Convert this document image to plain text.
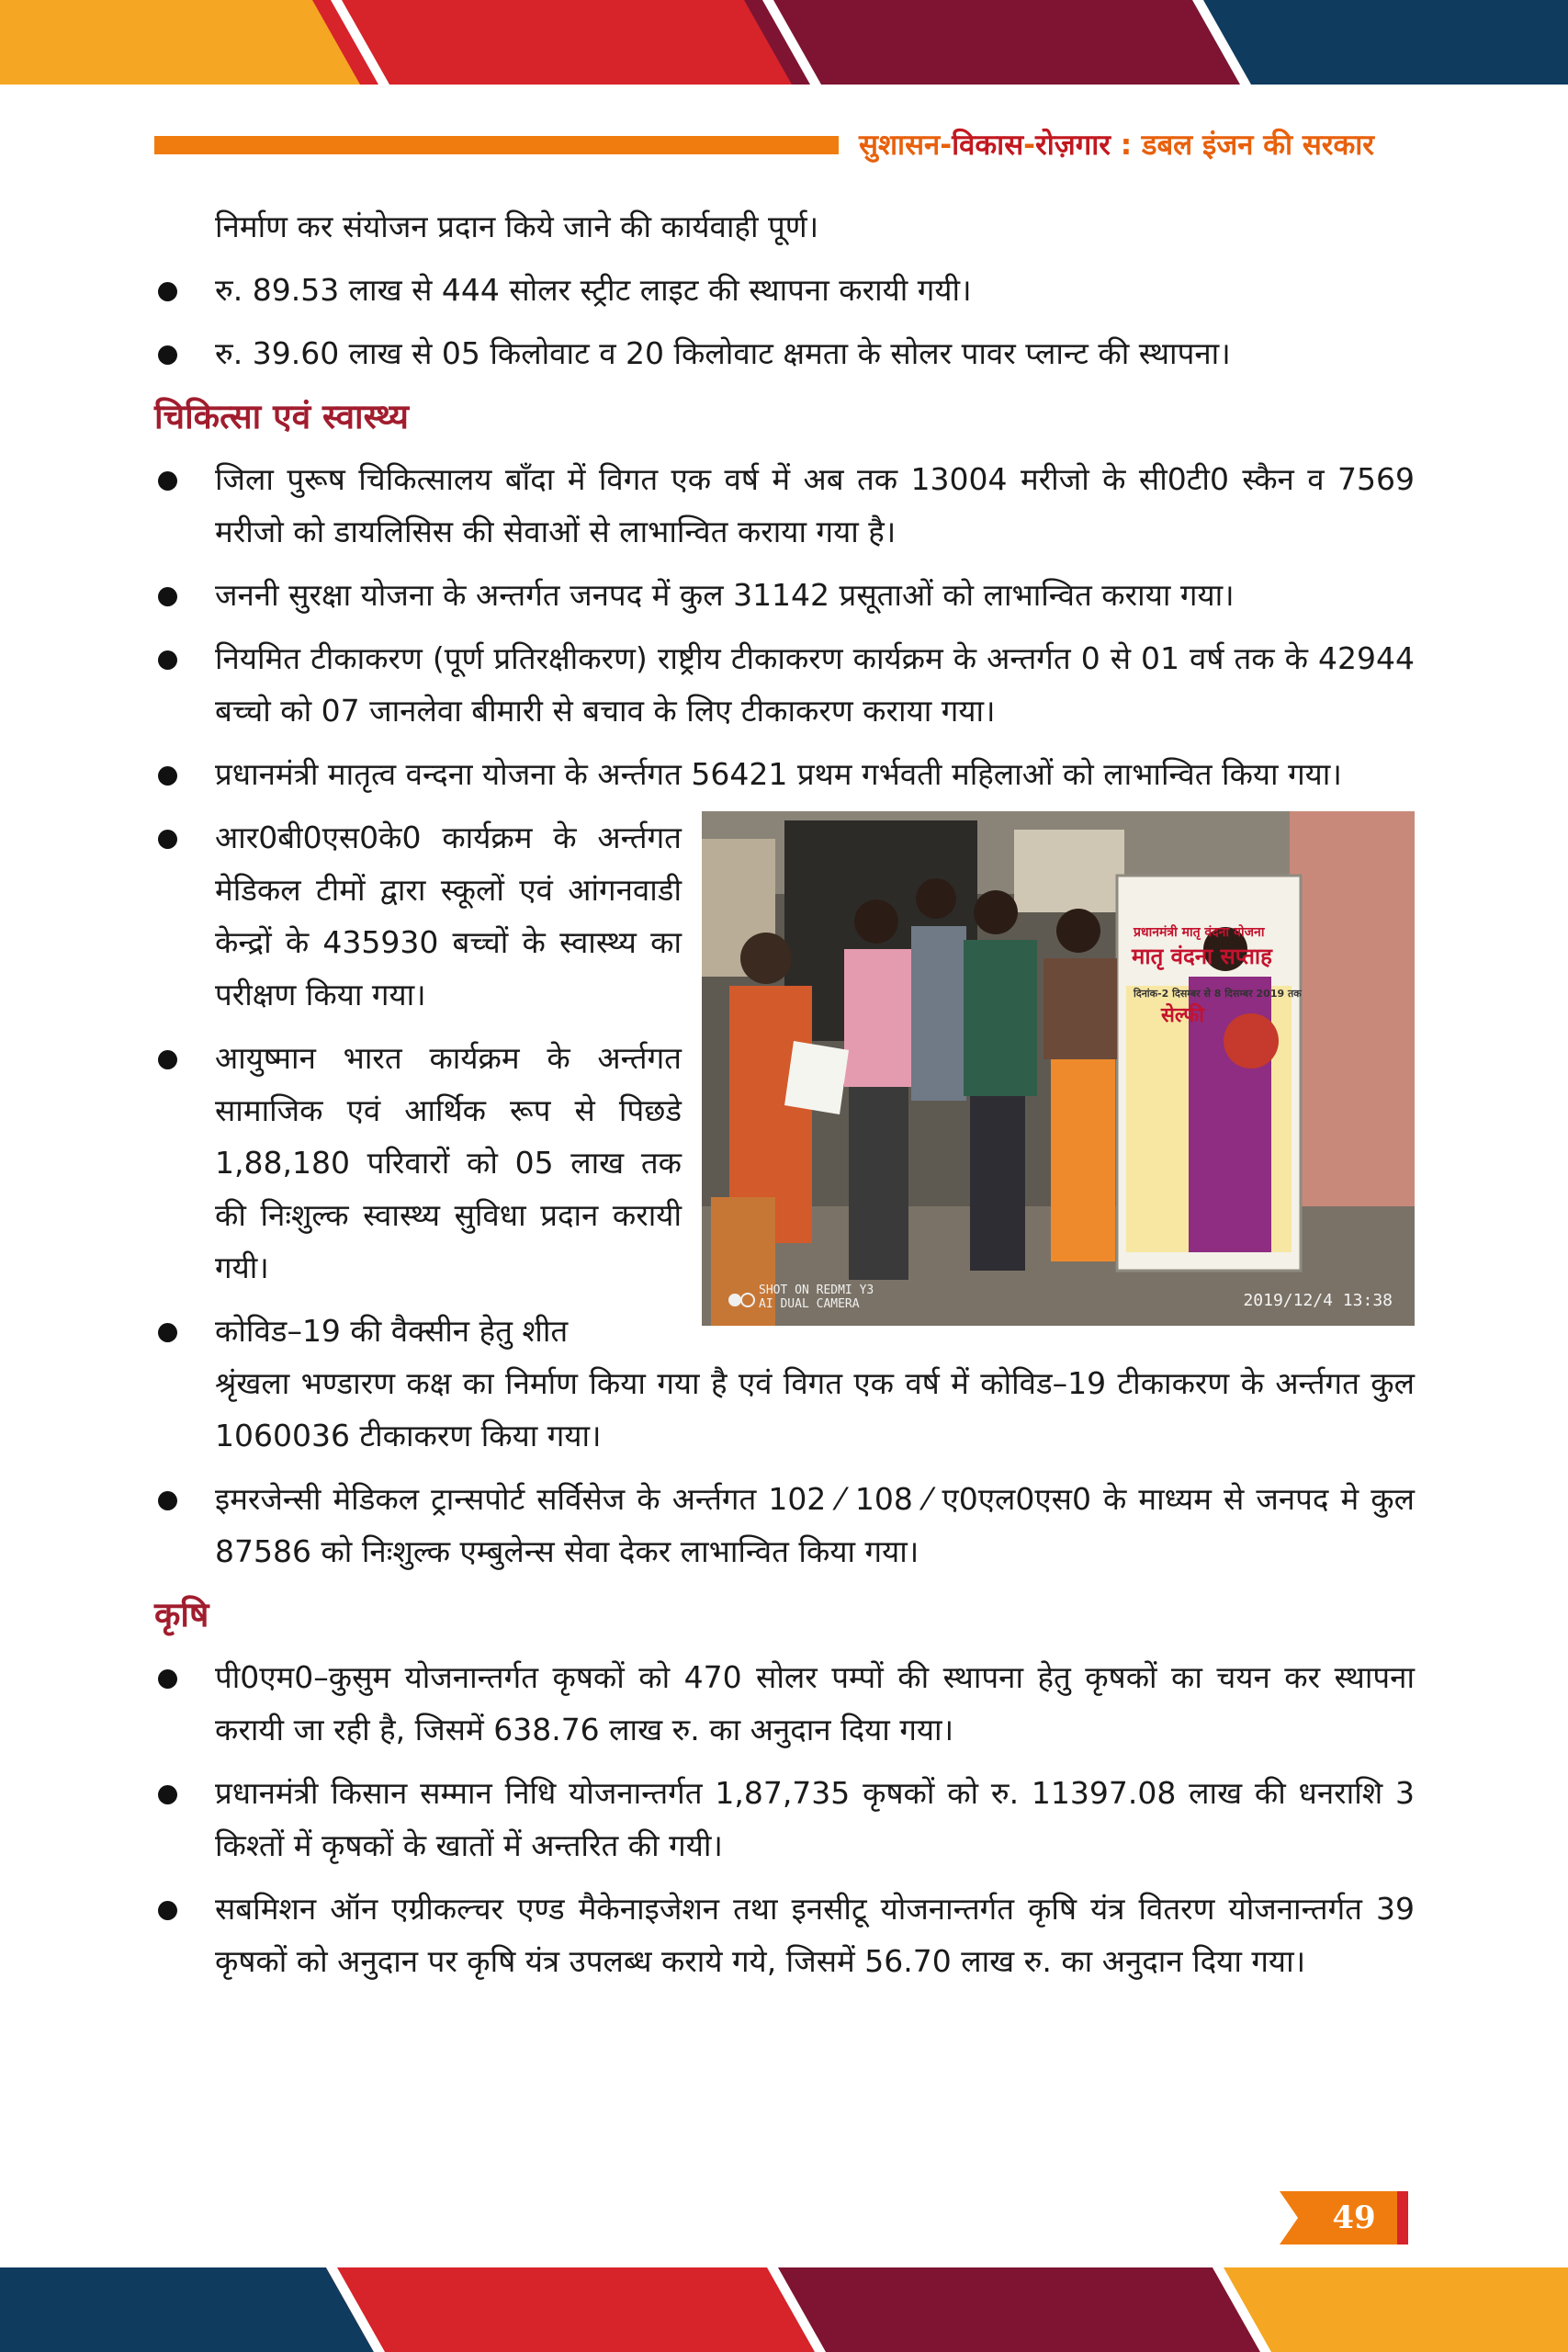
सुशासन-विकास-रोज़गार : डबल इंजन की सरकार

निर्माण कर संयोजन प्रदान किये जाने की कार्यवाही पूर्ण।

रु. 89.53 लाख से 444 सोलर स्ट्रीट लाइट की स्थापना करायी गयी।
रु. 39.60 लाख से 05 किलोवाट व 20 किलोवाट क्षमता के सोलर पावर प्लान्ट की स्थापना।
चिकित्सा एवं स्वास्थ्य
जिला पुरूष चिकित्सालय बाँदा में विगत एक वर्ष में अब तक 13004 मरीजो के सी0टी0 स्कैन व 7569 मरीजो को डायलिसिस की सेवाओं से लाभान्वित कराया गया है।
जननी सुरक्षा योजना के अन्तर्गत जनपद में कुल 31142 प्रसूताओं को लाभान्वित कराया गया।
नियमित टीकाकरण (पूर्ण प्रतिरक्षीकरण) राष्ट्रीय टीकाकरण कार्यक्रम के अन्तर्गत 0 से 01 वर्ष तक के 42944 बच्चो को 07 जानलेवा बीमारी से बचाव के लिए टीकाकरण कराया गया।
प्रधानमंत्री मातृत्व वन्दना योजना के अर्न्तगत 56421 प्रथम गर्भवती महिलाओं को लाभान्वित किया गया।
आर0बी0एस0के0 कार्यक्रम के अर्न्तगत मेडिकल टीमों द्वारा स्कूलों एवं आंगनवाडी केन्द्रों के 435930 बच्चों के स्वास्थ्य का परीक्षण किया गया।
आयुष्मान भारत कार्यक्रम के अर्न्तगत सामाजिक एवं आर्थिक रूप से पिछडे 1,88,180 परिवारों को 05 लाख तक की निःशुल्क स्वास्थ्य सुविधा प्रदान करायी गयी।
कोविड–19 की वैक्सीन हेतु शीत
प्रधानमंत्री मातृ वंदना योजना
मातृ वंदना सप्ताह
दिनांक-2 दिसम्बर से 8 दिसम्बर 2019 तक
सेल्फी
SHOT ON REDMI Y3
AI DUAL CAMERA	2019/12/4 13:38

श्रृंखला भण्डारण कक्ष का निर्माण किया गया है एवं विगत एक वर्ष में कोविड–19 टीकाकरण के अर्न्तगत कुल 1060036 टीकाकरण किया गया।

इमरजेन्सी मेडिकल ट्रान्सपोर्ट सर्विसेज के अर्न्तगत 102 ⁄ 108 ⁄ ए0एल0एस0 के माध्यम से जनपद मे कुल 87586 को निःशुल्क एम्बुलेन्स सेवा देकर लाभान्वित किया गया।
कृषि
पी0एम0–कुसुम योजनान्तर्गत कृषकों को 470 सोलर पम्पों की स्थापना हेतु कृषकों का चयन कर स्थापना करायी जा रही है, जिसमें 638.76 लाख रु. का अनुदान दिया गया।
प्रधानमंत्री किसान सम्मान निधि योजनान्तर्गत 1,87,735 कृषकों को रु. 11397.08 लाख की धनराशि 3 किश्तों में कृषकों के खातों में अन्तरित की गयी।
सबमिशन ऑन एग्रीकल्चर एण्ड मैकेनाइजेशन तथा इनसीटू योजनान्तर्गत कृषि यंत्र वितरण योजनान्तर्गत 39 कृषकों को अनुदान पर कृषि यंत्र उपलब्ध कराये गये, जिसमें 56.70 लाख रु. का अनुदान दिया गया।
49
